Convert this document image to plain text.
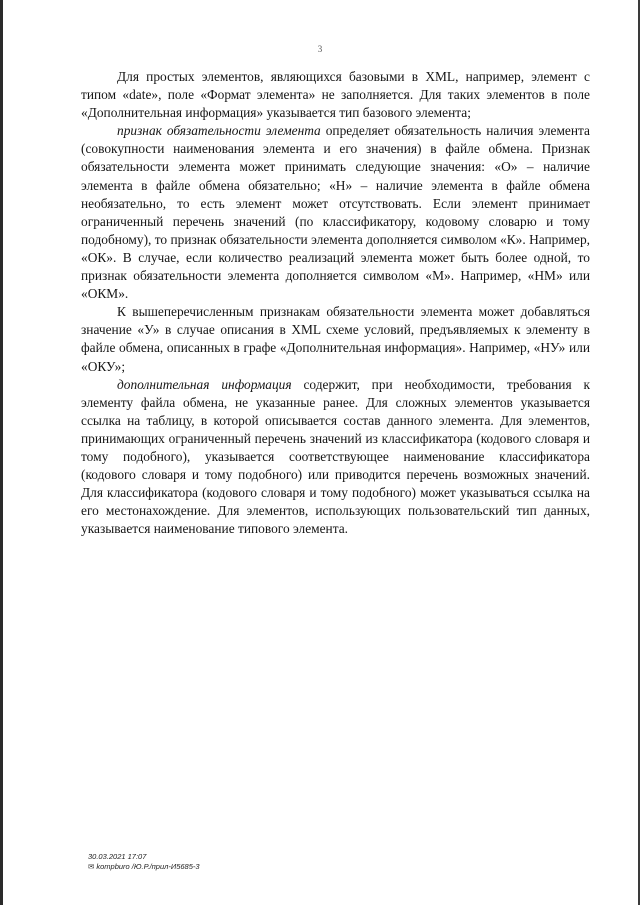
3

Для простых элементов, являющихся базовыми в XML, например, элемент с типом «date», поле «Формат элемента» не заполняется. Для таких элементов в поле «Дополнительная информация» указывается тип базового элемента;

признак обязательности элемента определяет обязательность наличия элемента (совокупности наименования элемента и его значения) в файле обмена. Признак обязательности элемента может принимать следующие значения: «О» – наличие элемента в файле обмена обязательно; «Н» – наличие элемента в файле обмена необязательно, то есть элемент может отсутствовать. Если элемент принимает ограниченный перечень значений (по классификатору, кодовому словарю и тому подобному), то признак обязательности элемента дополняется символом «К». Например, «ОК». В случае, если количество реализаций элемента может быть более одной, то признак обязательности элемента дополняется символом «М». Например, «НМ» или «ОКМ».

К вышеперечисленным признакам обязательности элемента может добавляться значение «У» в случае описания в XML схеме условий, предъявляемых к элементу в файле обмена, описанных в графе «Дополнительная информация». Например, «НУ» или «ОКУ»;

дополнительная информация содержит, при необходимости, требования к элементу файла обмена, не указанные ранее. Для сложных элементов указывается ссылка на таблицу, в которой описывается состав данного элемента. Для элементов, принимающих ограниченный перечень значений из классификатора (кодового словаря и тому подобного), указывается соответствующее наименование классификатора (кодового словаря и тому подобного) или приводится перечень возможных значений. Для классификатора (кодового словаря и тому подобного) может указываться ссылка на его местонахождение. Для элементов, использующих пользовательский тип данных, указывается наименование типового элемента.

30.03.2021 17:07
✉ kompburo /Ю.Р./прил-И5685-3
